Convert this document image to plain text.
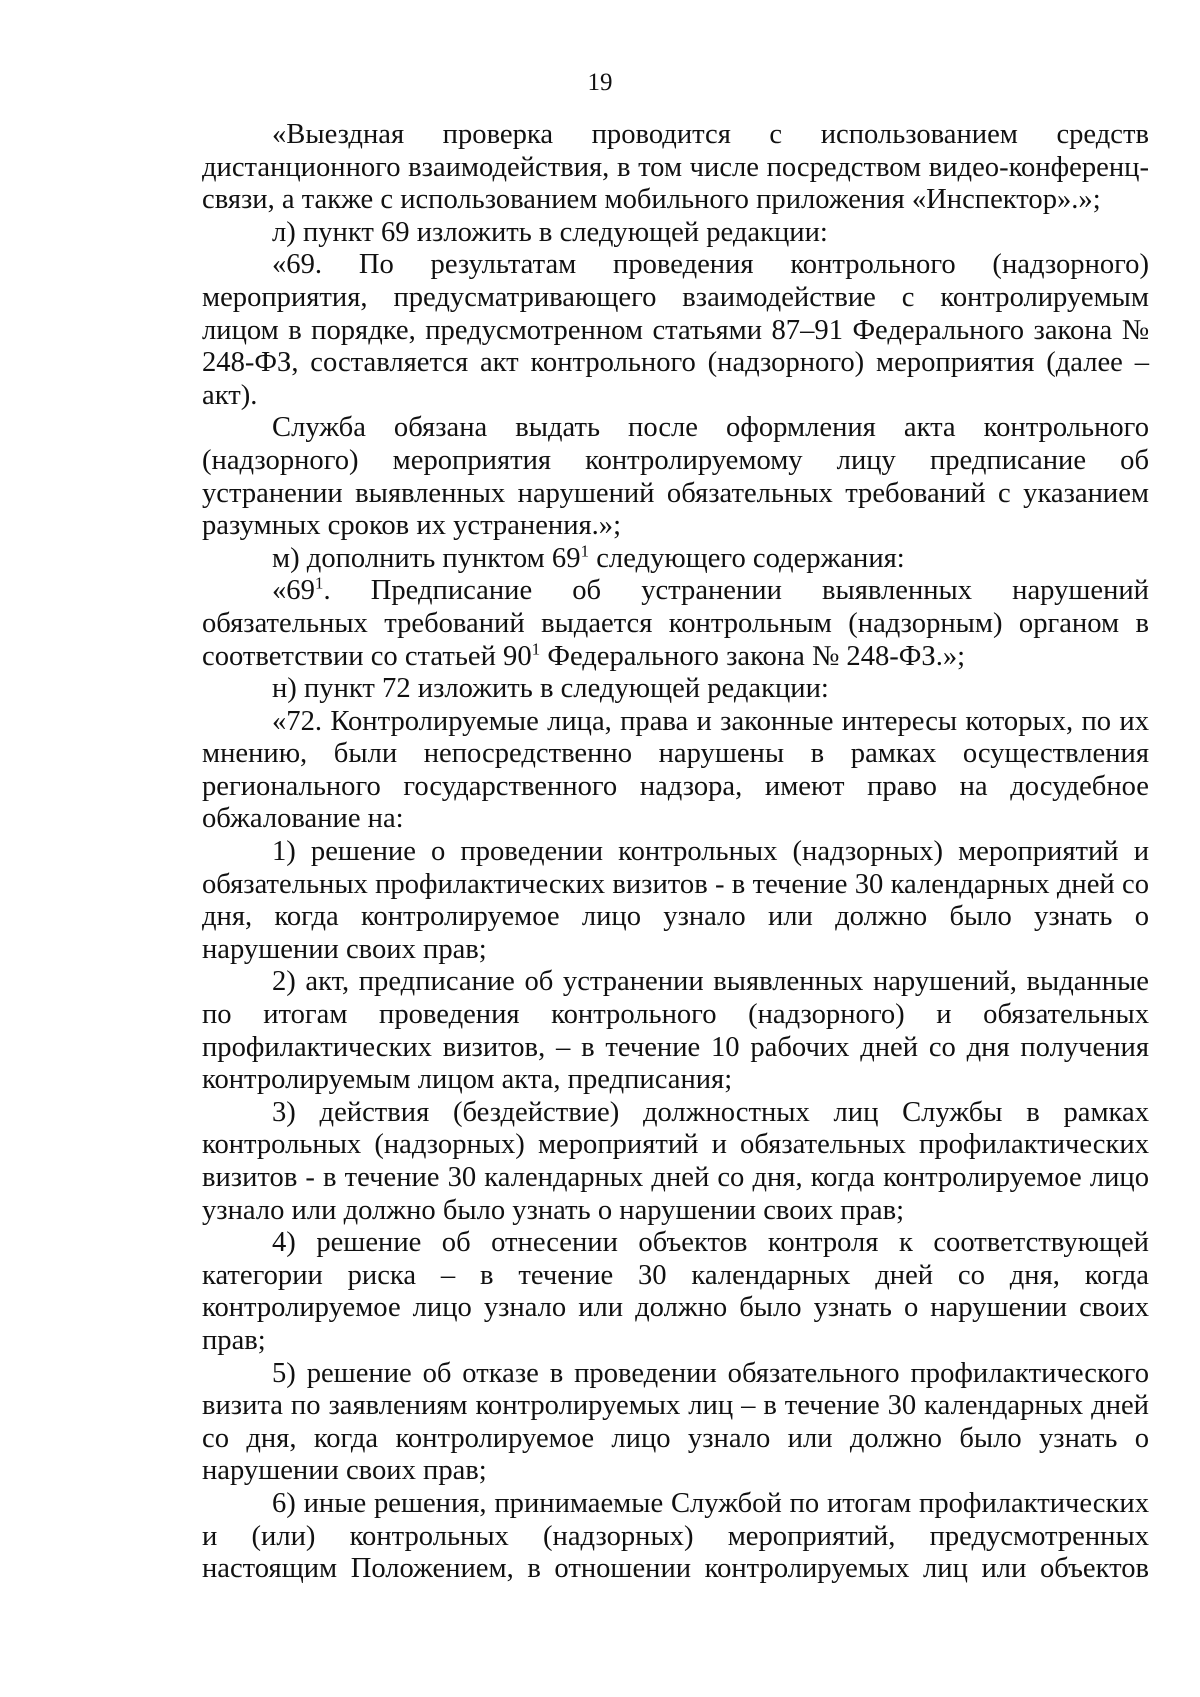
19

«Выездная проверка проводится с использованием средств дистанционного взаимодействия, в том числе посредством видео-конференц-связи, а также с использованием мобильного приложения «Инспектор».»;

л) пункт 69 изложить в следующей редакции:

«69. По результатам проведения контрольного (надзорного) мероприятия, предусматривающего взаимодействие с контролируемым лицом в порядке, предусмотренном статьями 87–91 Федерального закона № 248-ФЗ, составляется акт контрольного (надзорного) мероприятия (далее – акт).

Служба обязана выдать после оформления акта контрольного (надзорного) мероприятия контролируемому лицу предписание об устранении выявленных нарушений обязательных требований с указанием разумных сроков их устранения.»;

м) дополнить пунктом $69^1$ следующего содержания:

«$69^1$. Предписание об устранении выявленных нарушений обязательных требований выдается контрольным (надзорным) органом в соответствии со статьей $90^1$ Федерального закона № 248-ФЗ.»;

н) пункт 72 изложить в следующей редакции:

«72. Контролируемые лица, права и законные интересы которых, по их мнению, были непосредственно нарушены в рамках осуществления регионального государственного надзора, имеют право на досудебное обжалование на:

1) решение о проведении контрольных (надзорных) мероприятий и обязательных профилактических визитов - в течение 30 календарных дней со дня, когда контролируемое лицо узнало или должно было узнать о нарушении своих прав;

2) акт, предписание об устранении выявленных нарушений, выданные по итогам проведения контрольного (надзорного) и обязательных профилактических визитов, – в течение 10 рабочих дней со дня получения контролируемым лицом акта, предписания;

3) действия (бездействие) должностных лиц Службы в рамках контрольных (надзорных) мероприятий и обязательных профилактических визитов - в течение 30 календарных дней со дня, когда контролируемое лицо узнало или должно было узнать о нарушении своих прав;

4) решение об отнесении объектов контроля к соответствующей категории риска – в течение 30 календарных дней со дня, когда контролируемое лицо узнало или должно было узнать о нарушении своих прав;

5) решение об отказе в проведении обязательного профилактического визита по заявлениям контролируемых лиц – в течение 30 календарных дней со дня, когда контролируемое лицо узнало или должно было узнать о нарушении своих прав;

6) иные решения, принимаемые Службой по итогам профилактических и (или) контрольных (надзорных) мероприятий, предусмотренных настоящим Положением, в отношении контролируемых лиц или объектов
